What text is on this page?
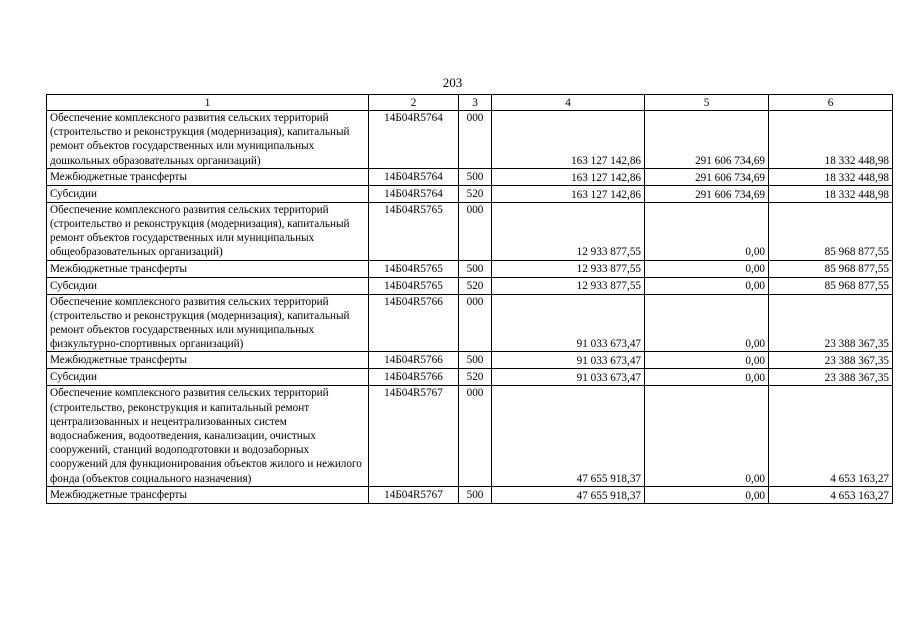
203
1	2	3	4	5	6
Обеспечение комплексного развития сельских территорий (строительство и реконструкция (модернизация), капитальный ремонт объектов государственных или муниципальных дошкольных образовательных организаций)	14Б04R5764	000	163 127 142,86	291 606 734,69	18 332 448,98
Межбюджетные трансферты	14Б04R5764	500	163 127 142,86	291 606 734,69	18 332 448,98
Субсидии	14Б04R5764	520	163 127 142,86	291 606 734,69	18 332 448,98
Обеспечение комплексного развития сельских территорий (строительство и реконструкция (модернизация), капитальный ремонт объектов государственных или муниципальных общеобразовательных организаций)	14Б04R5765	000	12 933 877,55	0,00	85 968 877,55
Межбюджетные трансферты	14Б04R5765	500	12 933 877,55	0,00	85 968 877,55
Субсидии	14Б04R5765	520	12 933 877,55	0,00	85 968 877,55
Обеспечение комплексного развития сельских территорий (строительство и реконструкция (модернизация), капитальный ремонт объектов государственных или муниципальных физкультурно-спортивных организаций)	14Б04R5766	000	91 033 673,47	0,00	23 388 367,35
Межбюджетные трансферты	14Б04R5766	500	91 033 673,47	0,00	23 388 367,35
Субсидии	14Б04R5766	520	91 033 673,47	0,00	23 388 367,35
Обеспечение комплексного развития сельских территорий (строительство, реконструкция и капитальный ремонт централизованных и нецентрализованных систем водоснабжения, водоотведения, канализации, очистных сооружений, станций водоподготовки и водозаборных сооружений для функционирования объектов жилого и нежилого фонда (объектов социального назначения)	14Б04R5767	000	47 655 918,37	0,00	4 653 163,27
Межбюджетные трансферты	14Б04R5767	500	47 655 918,37	0,00	4 653 163,27
